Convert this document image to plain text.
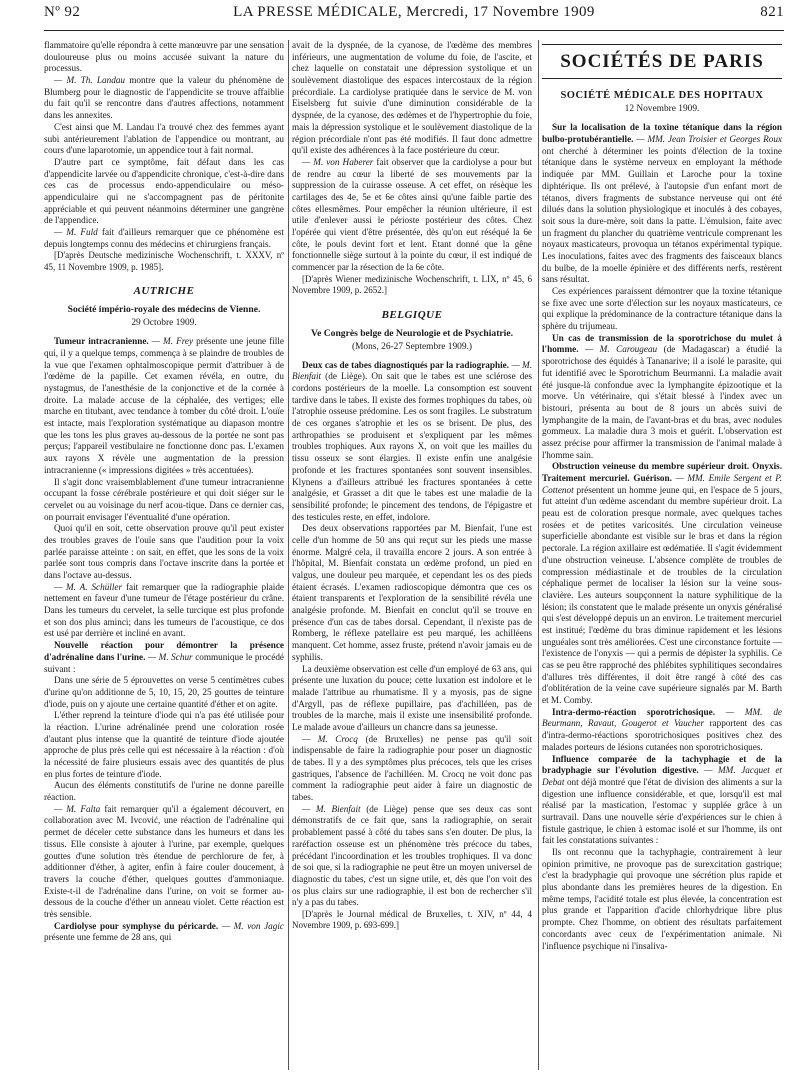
Nº 92	LA PRESSE MÉDICALE, Mercredi, 17 Novembre 1909	821

flammatoire qu'elle répondra à cette manœuvre par une sensation douloureuse plus ou moins accusée suivant la nature du processus.

— M. Th. Landau montre que la valeur du phénomène de Blumberg pour le diagnostic de l'appendicite se trouve affaiblie du fait qu'il se rencontre dans d'autres affections, notamment dans les annexites.

C'est ainsi que M. Landau l'a trouvé chez des femmes ayant subi antérieurement l'ablation de l'appendice ou montrant, au cours d'une laparotomie, un appendice tout à fait normal.

D'autre part ce symptôme, fait défaut dans les cas d'appendicite larvée ou d'appendicite chronique, c'est-à-dire dans ces cas de processus endo-appendiculaire ou méso-appendiculaire qui ne s'accompagnent pas de péritonite appréciable et qui peuvent néanmoins déterminer une gangrène de l'appendice.

— M. Fuld fait d'ailleurs remarquer que ce phénomène est depuis longtemps connu des médecins et chirurgiens français.

[D'après Deutsche medizinische Wochenschrift, t. XXXV, nº 45, 11 Novembre 1909, p. 1985].

AUTRICHE
Société império-royale des médecins de Vienne.
29 Octobre 1909.

Tumeur intracranienne. — M. Frey présente une jeune fille qui, il y a quelque temps, commença à se plaindre de troubles de la vue que l'examen ophtalmoscopique permit d'attribuer à de l'œdème de la papille. Cet examen révéla, en outre, du nystagmus, de l'anesthésie de la conjonctive et de la cornée à droite. La malade accuse de la céphalée, des vertiges; elle marche en titubant, avec tendance à tomber du côté droit. L'ouïe est intacte, mais l'exploration systématique au diapason montre que les tons les plus graves au-dessous de la portée ne sont pas perçus; l'appareil vestibulaire ne fonctionne donc pas. L'examen aux rayons X révèle une augmentation de la pression intracranienne (« impressions digitées » très accentuées).

Il s'agit donc vraisemblablement d'une tumeur intracranienne occupant la fosse cérébrale postérieure et qui doit siéger sur le cervelet ou au voisinage du nerf acou-tique. Dans ce dernier cas, on pourrait envisager l'éventualité d'une opération.

Quoi qu'il en soit, cette observation prouve qu'il peut exister des troubles graves de l'ouïe sans que l'audition pour la voix parlée paraisse atteinte : on sait, en effet, que les sons de la voix parlée sont tous compris dans l'octave inscrite dans la portée et dans l'octave au-dessus.

— M. A. Schüller fait remarquer que la radiographie plaide nettement en faveur d'une tumeur de l'étage postérieur du crâne. Dans les tumeurs du cervelet, la selle turcique est plus profonde et son dos plus aminci; dans les tumeurs de l'acoustique, ce dos est usé par derrière et incliné en avant.

Nouvelle réaction pour démontrer la présence d'adrénaline dans l'urine. — M. Schur communique le procédé suivant :

Dans une série de 5 éprouvettes on verse 5 centimètres cubes d'urine qu'on additionne de 5, 10, 15, 20, 25 gouttes de teinture d'iode, puis on y ajoute une certaine quantité d'éther et on agite.

L'éther reprend la teinture d'iode qui n'a pas été utilisée pour la réaction. L'urine adrénalinée prend une coloration rosée d'autant plus intense que la quantité de teinture d'iode ajoutée approche de plus près celle qui est nécessaire à la réaction : d'où la nécessité de faire plusieurs essais avec des quantités de plus en plus fortes de teinture d'iode.

Aucun des éléments constitutifs de l'urine ne donne pareille réaction.

— M. Falta fait remarquer qu'il a également découvert, en collaboration avec M. Ivcović, une réaction de l'adrénaline qui permet de déceler cette substance dans les humeurs et dans les tissus. Elle consiste à ajouter à l'urine, par exemple, quelques gouttes d'une solution très étendue de perchlorure de fer, à additionner d'éther, à agiter, enfin à faire couler doucement, à travers la couche d'éther, quelques gouttes d'ammoniaque. Existe-t-il de l'adrénaline dans l'urine, on voit se former au-dessous de la couche d'éther un anneau violet. Cette réaction est très sensible.

Cardiolyse pour symphyse du péricarde. — M. von Jagic présente une femme de 28 ans, qui

avait de la dyspnée, de la cyanose, de l'œdème des membres inférieurs, une augmentation de volume du foie, de l'ascite, et chez laquelle on constatait une dépression systolique et un soulèvement diastolique des espaces intercostaux de la région précordiale. La cardiolyse pratiquée dans le service de M. von Eiselsberg fut suivie d'une diminution considérable de la dyspnée, de la cyanose, des œdèmes et de l'hypertrophie du foie, mais la dépression systolique et le soulèvement diastolique de la région précordiale n'ont pas été modifiés. Il faut donc admettre qu'il existe des adhérences à la face postérieure du cœur.

— M. von Haberer fait observer que la cardiolyse a pour but de rendre au cœur la liberté de ses mouvements par la suppression de la cuirasse osseuse. A cet effet, on résèque les cartilages des 4e, 5e et 6e côtes ainsi qu'une faible partie des côtes ellesmêmes. Pour empêcher la réunion ultérieure, il est utile d'enlever aussi le périoste postérieur des côtes. Chez l'opérée qui vient d'être présentée, dès qu'on eut réséqué la 6e côte, le pouls devint fort et lent. Etant donné que la gêne fonctionnelle siège surtout à la pointe du cœur, il est indiqué de commencer par la résection de la 6e côte.

[D'après Wiener medizinische Wochenschrift, t. LIX, nº 45, 6 Novembre 1909, p. 2652.]

BELGIQUE
Ve Congrès belge de Neurologie et de Psychiatrie.
(Mons, 26-27 Septembre 1909.)

Deux cas de tabes diagnostiqués par la radiographie. — M. Bienfait (de Liège). On sait que le tabes est une sclérose des cordons postérieurs de la moelle. La consomption est souvent tardive dans le tabes. Il existe des formes trophiques du tabes, où l'atrophie osseuse prédomine. Les os sont fragiles. Le substratum de ces organes s'atrophie et les os se brisent. De plus, des arthropathies se produisent et s'expliquent par les mêmes troubles trophiques. Aux rayons X, on voit que les mailles du tissu osseux se sont élargies. Il existe enfin une analgésie profonde et les fractures spontanées sont souvent insensibles. Klynens a d'ailleurs attribué les fractures spontanées à cette analgésie, et Grasset a dit que le tabes est une maladie de la sensibilité profonde; le pincement des tendons, de l'épigastre et des testicules reste, en effet, indolore.

Des deux observations rapportées par M. Bienfait, l'une est celle d'un homme de 50 ans qui reçut sur les pieds une masse énorme. Malgré cela, il travailla encore 2 jours. A son entrée à l'hôpital, M. Bienfait constata un œdème profond, un pied en valgus, une douleur peu marquée, et cependant les os des pieds étaient écrasés. L'examen radioscopique démontra que ces os étaient transparents et l'exploration de la sensibilité révéla une analgésie profonde. M. Bienfait en conclut qu'il se trouve en présence d'un cas de tabes dorsal. Cependant, il n'existe pas de Romberg, le réflexe patellaire est peu marqué, les achilléens manquent. Cet homme, assez fruste, prétend n'avoir jamais eu de syphilis.

La deuxième observation est celle d'un employé de 63 ans, qui présente une luxation du pouce; cette luxation est indolore et le malade l'attribue au rhumatisme. Il y a myosis, pas de signe d'Argyll, pas de réflexe pupillaire, pas d'achilléen, pas de troubles de la marche, mais il existe une insensibilité profonde. Le malade avoue d'ailleurs un chancre dans sa jeunesse.

— M. Crocq (de Bruxelles) ne pense pas qu'il soit indispensable de faire la radiographie pour poser un diagnostic de tabes. Il y a des symptômes plus précoces, tels que les crises gastriques, l'absence de l'achilléen. M. Crocq ne voit donc pas comment la radiographie peut aider à faire un diagnostic de tabes.

— M. Bienfait (de Liège) pense que ses deux cas sont démonstratifs de ce fait que, sans la radiographie, on serait probablement passé à côté du tabes sans s'en douter. De plus, la raréfaction osseuse est un phénomène très précoce du tabes, précédant l'incoordination et les troubles trophiques. Il va donc de soi que, si la radiographie ne peut être un moyen universel de diagnostic du tabes, c'est un signe utile, et, dès que l'on voit des os plus clairs sur une radiographie, il est bon de rechercher s'il n'y a pas du tabes.

[D'après le Journal médical de Bruxelles, t. XIV, nº 44, 4 Novembre 1909, p. 693-699.]

SOCIÉTÉS DE PARIS
SOCIÉTÉ MÉDICALE DES HOPITAUX
12 Novembre 1909.

Sur la localisation de la toxine tétanique dans la région bulbo-protubérantielle. — MM. Jean Troisier et Georges Roux ont cherché à déterminer les points d'élection de la toxine tétanique dans le système nerveux en employant la méthode indiquée par MM. Guillain et Laroche pour la toxine diphtérique. Ils ont prélevé, à l'autopsie d'un enfant mort de tétanos, divers fragments de substance nerveuse qui ont été dilués dans la solution physiologique et inoculés à des cobayes, soit sous la dure-mère, soit dans la patte. L'émulsion, faite avec un fragment du plancher du quatrième ventricule comprenant les noyaux masticateurs, provoqua un tétanos expérimental typique. Les inoculations, faites avec des fragments des faisceaux blancs du bulbe, de la moelle épinière et des différents nerfs, restèrent sans résultat.

Ces expériences paraissent démontrer que la toxine tétanique se fixe avec une sorte d'élection sur les noyaux masticateurs, ce qui explique la prédominance de la contracture tétanique dans la sphère du trijumeau.

Un cas de transmission de la sporotrichose du mulet à l'homme. — M. Carougeau (de Madagascar) a étudié la sporotrichose des équidés à Tananarive; il a isolé le parasite, qui fut identifié avec le Sporotrichum Beurmanni. La maladie avait été jusque-là confondue avec la lymphangite épizootique et la morve. Un vétérinaire, qui s'était blessé à l'index avec un bistouri, présenta au bout de 8 jours un abcès suivi de lymphangite de la main, de l'avant-bras et du bras, avec nodules gommeux. La maladie dura 3 mois et guérit. L'observation est assez précise pour affirmer la transmission de l'animal malade à l'homme sain.

Obstruction veineuse du membre supérieur droit. Onyxis. Traitement mercuriel. Guérison. — MM. Emile Sergent et P. Cottenot présentent un homme jeune qui, en l'espace de 5 jours, fut atteint d'un œdème ascendant du membre supérieur droit. La peau est de coloration presque normale, avec quelques taches rosées et de petites varicosités. Une circulation veineuse superficielle abondante est visible sur le bras et dans la région pectorale. La région axillaire est œdématiée. Il s'agit évidemment d'une obstruction veineuse. L'absence complète de troubles de compression médiastinale et de troubles de la circulation céphalique permet de localiser la lésion sur la veine sous-clavière. Les auteurs soupçonnent la nature syphilitique de la lésion; ils constatent que le malade présente un onyxis généralisé qui s'est développé depuis un an environ. Le traitement mercuriel est institué; l'œdème du bras diminue rapidement et les lésions unguéales sont très améliorées. C'est une circonstance fortuite — l'existence de l'onyxis — qui a permis de dépister la syphilis. Ce cas se peu être rapproché des phlébites syphilitiques secondaires d'allures très différentes, il doit être rangé à côté des cas d'oblitération de la veine cave supérieure signalés par M. Barth et M. Comby.

Intra-dermo-réaction sporotrichosique. — MM. de Beurmann, Ravaut, Gougerot et Vaucher rapportent des cas d'intra-dermo-réactions sporotrichosiques positives chez des malades porteurs de lésions cutanées non sporotrichosiques.

Influence comparée de la tachyphagie et de la bradyphagie sur l'évolution digestive. — MM. Jacquet et Debat ont déjà montré que l'état de division des aliments a sur la digestion une influence considérable, et que, lorsqu'il est mal réalisé par la mastication, l'estomac y supplée grâce à un surtravail. Dans une nouvelle série d'expériences sur le chien à fistule gastrique, le chien à estomac isolé et sur l'homme, ils ont fait les constatations suivantes :

Ils ont reconnu que la tachyphagie, contrairement à leur opinion primitive, ne provoque pas de surexcitation gastrique; c'est la bradyphagie qui provoque une sécrétion plus rapide et plus abondante dans les premières heures de la digestion. En même temps, l'acidité totale est plus élevée, la concentration est plus grande et l'apparition d'acide chlorhydrique libre plus prompte. Chez l'homme, on obtient des résultats parfaitement concordants avec ceux de l'expérimentation animale. Ni l'influence psychique ni l'insaliva-
